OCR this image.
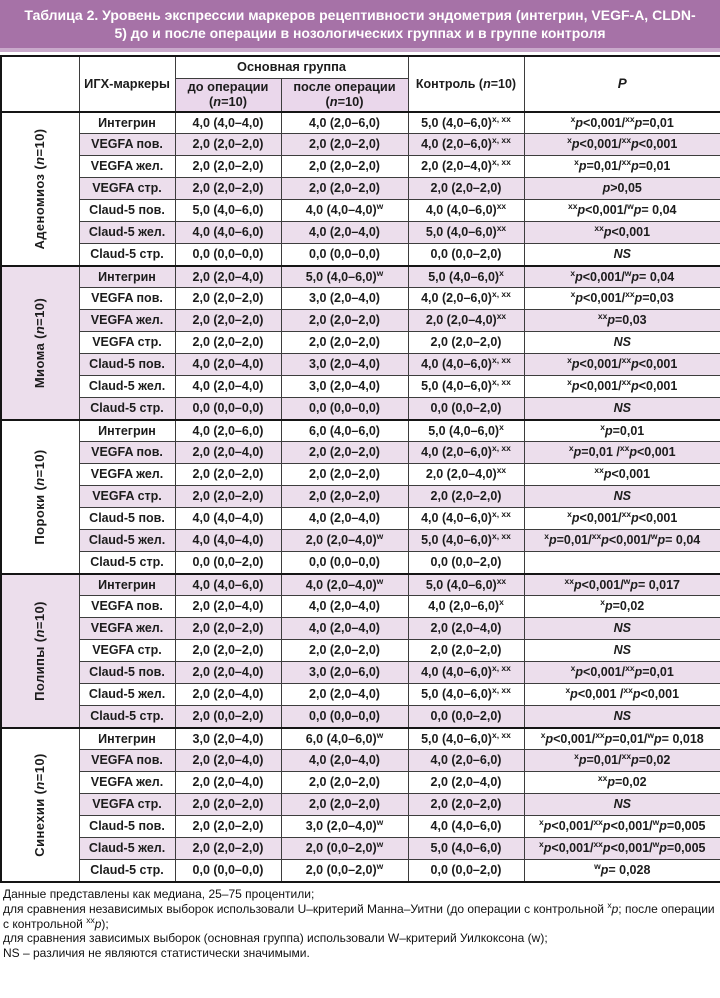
Таблица 2. Уровень экспрессии маркеров рецептивности эндометрия (интегрин, VEGF-A, CLDN-5) до и после операции в нозологических группах и в группе контроля
	ИГХ-маркеры	Основная группа		Контроль (n=10)	P
		до операции (n=10)	после операции (n=10)		

Аденомиоз (n=10)	Интегрин	4,0 (4,0–4,0)	4,0 (2,0–6,0)	5,0 $(4,0-6,0)^{х, хх}$	$^х$p<0,001/$^{хх}$p=0,01
	VEGFA пов.	2,0 (2,0–2,0)	2,0 (2,0–2,0)	4,0 $(2,0-6,0)^{х, хх}$	$^х$p<0,001/$^{хх}$p<0,001
	VEGFA жел.	2,0 (2,0–2,0)	2,0 (2,0–2,0)	2,0 $(2,0-4,0)^{х, хх}$	$^х$p=0,01/$^{хх}$p=0,01
	VEGFA стр.	2,0 (2,0–2,0)	2,0 (2,0–2,0)	2,0 (2,0–2,0)	p>0,05
	Claud-5 пов.	5,0 (4,0–6,0)	4,0 $(4,0-4,0)^w$	4,0 $(4,0-6,0)^{хх}$	$^{хх}$p<0,001/$^w$p= 0,04
	Claud-5 жел.	4,0 (4,0–6,0)	4,0 (2,0–4,0)	5,0 $(4,0-6,0)^{хх}$	$^{хх}$p<0,001
	Claud-5 стр.	0,0 (0,0–0,0)	0,0 (0,0–0,0)	0,0 (0,0–2,0)	NS

Миома (n=10)	Интегрин	2,0 (2,0–4,0)	5,0 $(4,0-6,0)^w$	5,0 $(4,0-6,0)^х$	$^х$p<0,001/$^w$p= 0,04
	VEGFA пов.	2,0 (2,0–2,0)	3,0 (2,0–4,0)	4,0 $(2,0-6,0)^{х, хх}$	$^х$p<0,001/$^{хх}$p=0,03
	VEGFA жел.	2,0 (2,0–2,0)	2,0 (2,0–2,0)	2,0 $(2,0-4,0)^{хх}$	$^{хх}$p=0,03
	VEGFA стр.	2,0 (2,0–2,0)	2,0 (2,0–2,0)	2,0 (2,0–2,0)	NS
	Claud-5 пов.	4,0 (2,0–4,0)	3,0 (2,0–4,0)	4,0 $(4,0-6,0)^{х, хх}$	$^х$p<0,001/$^{хх}$p<0,001
	Claud-5 жел.	4,0 (2,0–4,0)	3,0 (2,0–4,0)	5,0 $(4,0-6,0)^{х, хх}$	$^х$p<0,001/$^{хх}$p<0,001
	Claud-5 стр.	0,0 (0,0–0,0)	0,0 (0,0–0,0)	0,0 (0,0–2,0)	NS

Пороки (n=10)	Интегрин	4,0 (2,0–6,0)	6,0 (4,0–6,0)	5,0 $(4,0-6,0)^х$	$^х$p=0,01
	VEGFA пов.	2,0 (2,0–4,0)	2,0 (2,0–2,0)	4,0 $(2,0-6,0)^{х, хх}$	$^х$p=0,01 /$^{хх}$p<0,001
	VEGFA жел.	2,0 (2,0–2,0)	2,0 (2,0–2,0)	2,0 $(2,0-4,0)^{хх}$	$^{хх}$p<0,001
	VEGFA стр.	2,0 (2,0–2,0)	2,0 (2,0–2,0)	2,0 (2,0–2,0)	NS
	Claud-5 пов.	4,0 (4,0–4,0)	4,0 (2,0–4,0)	4,0 $(4,0-6,0)^{х, хх}$	$^х$p<0,001/$^{хх}$p<0,001
	Claud-5 жел.	4,0 (4,0–4,0)	2,0 $(2,0-4,0)^w$	5,0 $(4,0-6,0)^{х, хх}$	$^х$p=0,01/$^{хх}$p<0,001/$^w$p= 0,04
	Claud-5 стр.	0,0 (0,0–2,0)	0,0 (0,0–0,0)	0,0 (0,0–2,0)	

Полипы (n=10)	Интегрин	4,0 (4,0–6,0)	4,0 $(2,0-4,0)^w$	5,0 $(4,0-6,0)^{хх}$	$^{хх}$p<0,001/$^w$p= 0,017
	VEGFA пов.	2,0 (2,0–4,0)	4,0 (2,0–4,0)	4,0 $(2,0-6,0)^х$	$^х$p=0,02
	VEGFA жел.	2,0 (2,0–2,0)	4,0 (2,0–4,0)	2,0 (2,0–4,0)	NS
	VEGFA стр.	2,0 (2,0–2,0)	2,0 (2,0–2,0)	2,0 (2,0–2,0)	NS
	Claud-5 пов.	2,0 (2,0–4,0)	3,0 (2,0–6,0)	4,0 $(4,0-6,0)^{х, хх}$	$^х$p<0,001/$^{хх}$p=0,01
	Claud-5 жел.	2,0 (2,0–4,0)	2,0 (2,0–4,0)	5,0 $(4,0-6,0)^{х, хх}$	$^х$p<0,001 /$^{хх}$p<0,001
	Claud-5 стр.	2,0 (0,0–2,0)	0,0 (0,0–0,0)	0,0 (0,0–2,0)	NS

Синехии (n=10)	Интегрин	3,0 (2,0–4,0)	6,0 $(4,0-6,0)^w$	5,0 $(4,0-6,0)^{х, хх}$	$^х$p<0,001/$^{хх}$p=0,01/$^w$p= 0,018
	VEGFA пов.	2,0 (2,0–4,0)	4,0 (2,0–4,0)	4,0 (2,0–6,0)	$^х$p=0,01/$^{хх}$p=0,02
	VEGFA жел.	2,0 (2,0–4,0)	2,0 (2,0–2,0)	2,0 (2,0–4,0)	$^{хх}$p=0,02
	VEGFA стр.	2,0 (2,0–2,0)	2,0 (2,0–2,0)	2,0 (2,0–2,0)	NS
	Claud-5 пов.	2,0 (2,0–2,0)	3,0 $(2,0-4,0)^w$	4,0 (4,0–6,0)	$^х$p<0,001/$^{хх}$p<0,001/$^w$p=0,005
	Claud-5 жел.	2,0 (2,0–2,0)	2,0 $(0,0-2,0)^w$	5,0 (4,0–6,0)	$^х$p<0,001/$^{хх}$p<0,001/$^w$p=0,005
	Claud-5 стр.	0,0 (0,0–0,0)	2,0 $(0,0-2,0)^w$	0,0 (0,0–2,0)	$^w$p= 0,028
Данные представлены как медиана, 25–75 процентили;
для сравнения независимых выборок использовали U–критерий Манна–Уитни (до операции с контрольной $^х$p; после операции с контрольной $^{хх}$p);
для сравнения зависимых выборок (основная группа) использовали W–критерий Уилкоксона (w);
NS – различия не являются статистически значимыми.
